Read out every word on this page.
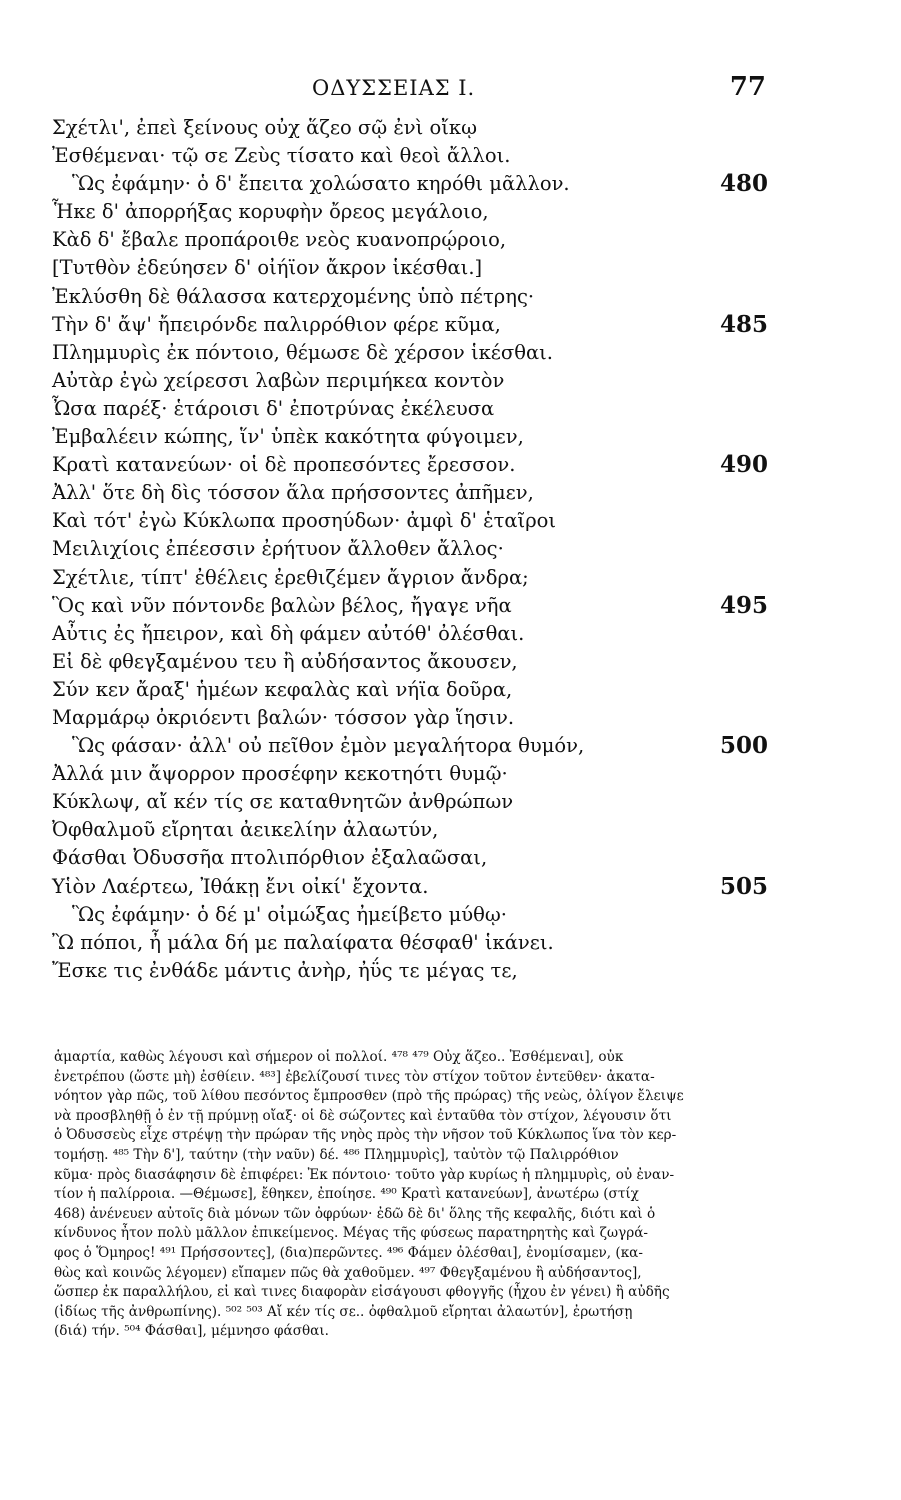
ΟΔΥΣΣΕΙΑΣ Ι.	77
Σχέτλι', ἐπεὶ ξείνους οὐχ ἅζεο σῷ ἐνὶ οἴκῳ
Ἐσθέμεναι· τῷ σε Ζεὺς τίσατο καὶ θεοὶ ἄλλοι.
Ὣς ἐφάμην· ὁ δ' ἔπειτα χολώσατο κηρόθι μᾶλλον.	480
Ἧκε δ' ἀπορρήξας κορυφὴν ὄρεος μεγάλοιο,
Κὰδ δ' ἔβαλε προπάροιθε νεὸς κυανοπρῴροιο,
[Τυτθὸν ἐδεύησεν δ' οἰήϊον ἄκρον ἱκέσθαι.]
Ἐκλύσθη δὲ θάλασσα κατερχομένης ὑπὸ πέτρης·
Τὴν δ' ἄψ' ἤπειρόνδε παλιρρόθιον φέρε κῦμα,	485
Πλημμυρὶς ἐκ πόντοιο, θέμωσε δὲ χέρσον ἱκέσθαι.
Αὐτὰρ ἐγὼ χείρεσσι λαβὼν περιμήκεα κοντὸν
Ὦσα παρέξ· ἑτάροισι δ' ἐποτρύνας ἐκέλευσα
Ἐμβαλέειν κώπης, ἵν' ὑπὲκ κακότητα φύγοιμεν,
Κρατὶ κατανεύων· οἱ δὲ προπεσόντες ἔρεσσον.	490
Ἀλλ' ὅτε δὴ δὶς τόσσον ἅλα πρήσσοντες ἀπῆμεν,
Καὶ τότ' ἐγὼ Κύκλωπα προσηύδων· ἀμφὶ δ' ἑταῖροι
Μειλιχίοις ἐπέεσσιν ἐρήτυον ἄλλοθεν ἄλλος·
Σχέτλιε, τίπτ' ἐθέλεις ἐρεθιζέμεν ἄγριον ἄνδρα;
Ὃς καὶ νῦν πόντονδε βαλὼν βέλος, ἤγαγε νῆα	495
Αὖτις ἐς ἤπειρον, καὶ δὴ φάμεν αὐτόθ' ὀλέσθαι.
Εἰ δὲ φθεγξαμένου τευ ἢ αὐδήσαντος ἄκουσεν,
Σύν κεν ἄραξ' ἡμέων κεφαλὰς καὶ νήϊα δοῦρα,
Μαρμάρῳ ὀκριόεντι βαλών· τόσσον γὰρ ἵησιν.
Ὣς φάσαν· ἀλλ' οὐ πεῖθον ἐμὸν μεγαλήτορα θυμόν,	500
Ἀλλά μιν ἄψορρον προσέφην κεκοτηότι θυμῷ·
Κύκλωψ, αἴ κέν τίς σε καταθνητῶν ἀνθρώπων
Ὀφθαλμοῦ εἴρηται ἀεικελίην ἀλαωτύν,
Φάσθαι Ὀδυσσῆα πτολιπόρθιον ἐξαλαῶσαι,
Υἱὸν Λαέρτεω, Ἰθάκῃ ἔνι οἰκί' ἔχοντα.	505
Ὣς ἐφάμην· ὁ δέ μ' οἰμώξας ἠμείβετο μύθῳ·
Ὢ πόποι, ἦ μάλα δή με παλαίφατα θέσφαθ' ἱκάνει.
Ἔσκε τις ἐνθάδε μάντις ἀνὴρ, ἠΰς τε μέγας τε,
ἁμαρτία, καθὼς λέγουσι καὶ σήμερον οἱ πολλοί. ⁴⁷⁸ ⁴⁷⁹ Οὐχ ἅζεο.. Ἐσθέμεναι], οὐκ
ἐνετρέπου (ὥστε μὴ) ἐσθίειν. ⁴⁸³] ἐβελίζουσί τινες τὸν στίχον τοῦτον ἐντεῦθεν· ἀκατα-
νόητον γὰρ πῶς, τοῦ λίθου πεσόντος ἔμπροσθεν (πρὸ τῆς πρώρας) τῆς νεὼς, ὀλίγον ἔλειψε
νὰ προσβληθῇ ὁ ἐν τῇ πρύμνῃ οἴαξ· οἱ δὲ σώζοντες καὶ ἐνταῦθα τὸν στίχον, λέγουσιν ὅτι
ὁ Ὀδυσσεὺς εἶχε στρέψῃ τὴν πρώραν τῆς νηὸς πρὸς τὴν νῆσον τοῦ Κύκλωπος ἵνα τὸν κερ-
τομήσῃ. ⁴⁸⁵ Τὴν δ'], ταύτην (τὴν ναῦν) δέ. ⁴⁸⁶ Πλημμυρὶς], ταὐτὸν τῷ Παλιρρόθιον
κῦμα· πρὸς διασάφησιν δὲ ἐπιφέρει: Ἐκ πόντοιο· τοῦτο γὰρ κυρίως ἡ πλημμυρὶς, οὐ ἐναν-
τίον ἡ παλίρροια. —Θέμωσε], ἔθηκεν, ἐποίησε. ⁴⁹⁰ Κρατὶ κατανεύων], ἀνωτέρω (στίχ
468) ἀνένευεν αὐτοῖς διὰ μόνων τῶν ὀφρύων· ἐδῶ δὲ δι' ὅλης τῆς κεφαλῆς, διότι καὶ ὁ
κίνδυνος ἦτον πολὺ μᾶλλον ἐπικείμενος. Μέγας τῆς φύσεως παρατηρητὴς καὶ ζωγρά-
φος ὁ Ὅμηρος! ⁴⁹¹ Πρήσσοντες], (δια)περῶντες. ⁴⁹⁶ Φάμεν ὀλέσθαι], ἐνομίσαμεν, (κα-
θὼς καὶ κοινῶς λέγομεν) εἴπαμεν πῶς θὰ χαθοῦμεν. ⁴⁹⁷ Φθεγξαμένου ἢ αὐδήσαντος],
ὥσπερ ἐκ παραλλήλου, εἰ καὶ τινες διαφορὰν εἰσάγουσι φθογγῆς (ἦχου ἐν γένει) ἢ αὐδῆς
(ἰδίως τῆς ἀνθρωπίνης). ⁵⁰² ⁵⁰³ Αἴ κέν τίς σε.. ὀφθαλμοῦ εἴρηται ἀλαωτύν], ἐρωτήσῃ
(διά) τήν. ⁵⁰⁴ Φάσθαι], μέμνησο φάσθαι.
